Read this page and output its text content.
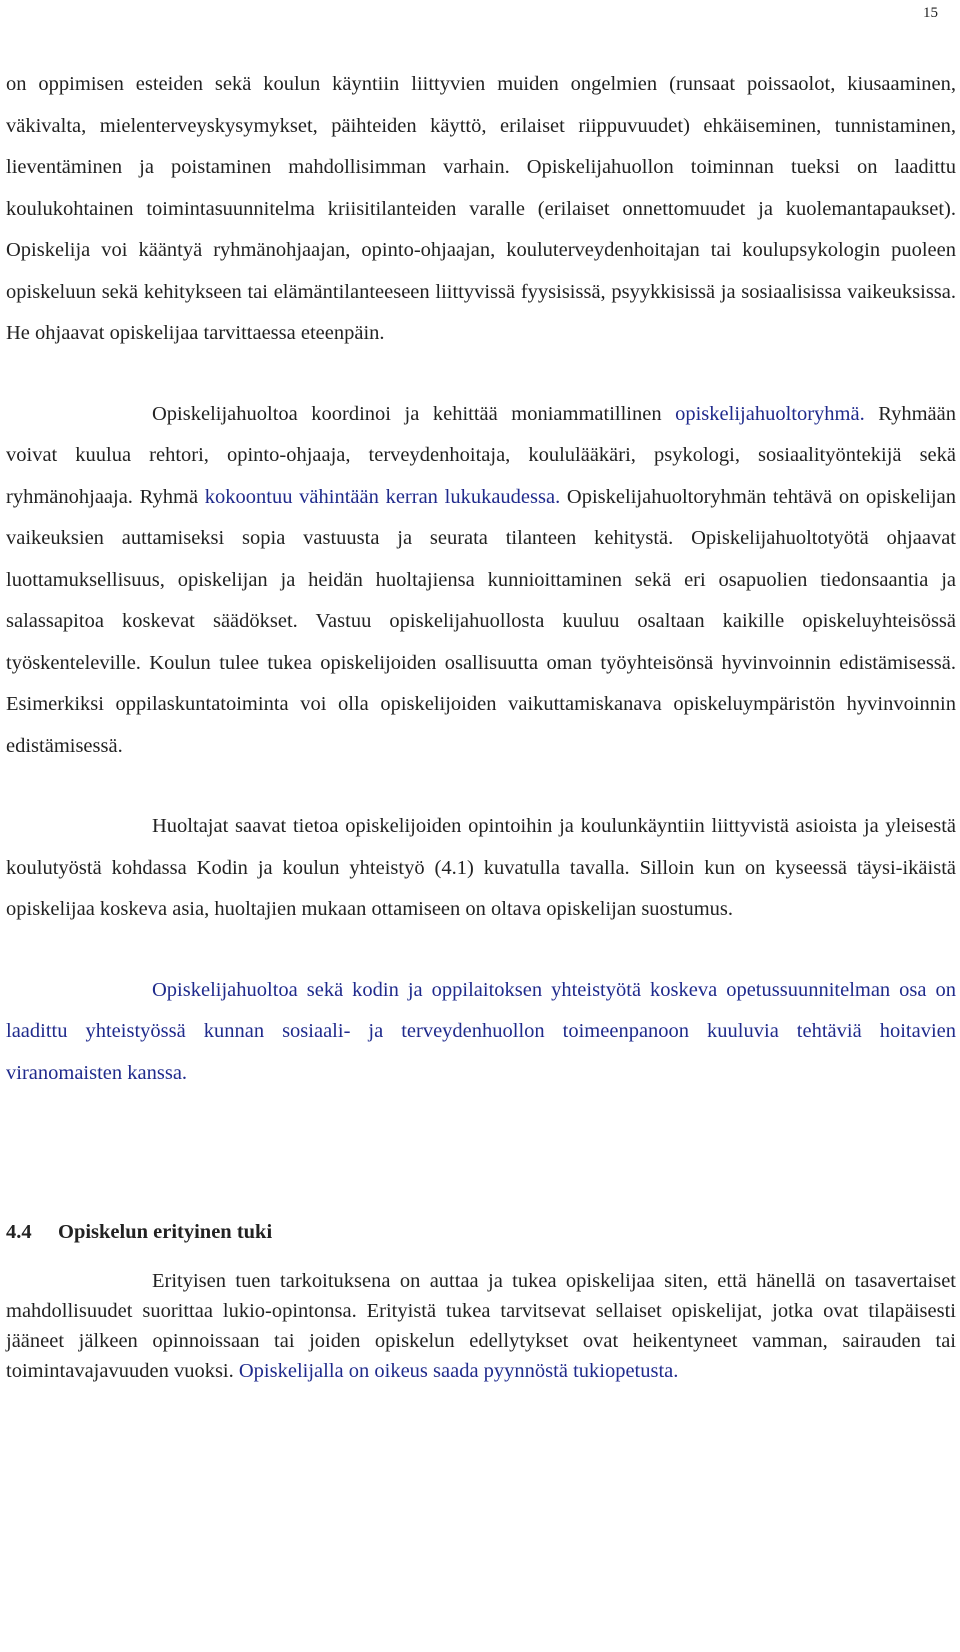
15

on oppimisen esteiden sekä koulun käyntiin liittyvien muiden ongelmien (runsaat poissaolot, kiusaaminen, väkivalta, mielenterveyskysymykset, päihteiden käyttö, erilaiset riippuvuudet) ehkäiseminen, tunnistaminen, lieventäminen ja poistaminen mahdollisimman varhain. Opiskelijahuollon toiminnan tueksi on laadittu koulukohtainen toimintasuunnitelma kriisitilanteiden varalle (erilaiset onnettomuudet ja kuolemantapaukset). Opiskelija voi kääntyä ryhmänohjaajan, opinto-ohjaajan, kouluterveydenhoitajan tai koulupsykologin puoleen opiskeluun sekä kehitykseen tai elämäntilanteeseen liittyvissä fyysisissä, psyykkisissä ja sosiaalisissa vaikeuksissa. He ohjaavat opiskelijaa tarvittaessa eteenpäin.

Opiskelijahuoltoa koordinoi ja kehittää moniammatillinen opiskelijahuoltoryhmä. Ryhmään voivat kuulua rehtori, opinto-ohjaaja, terveydenhoitaja, koululääkäri, psykologi, sosiaalityöntekijä sekä ryhmänohjaaja. Ryhmä kokoontuu vähintään kerran lukukaudessa. Opiskelijahuoltoryhmän tehtävä on opiskelijan vaikeuksien auttamiseksi sopia vastuusta ja seurata tilanteen kehitystä. Opiskelijahuoltotyötä ohjaavat luottamuksellisuus, opiskelijan ja heidän huoltajiensa kunnioittaminen sekä eri osapuolien tiedonsaantia ja salassapitoa koskevat säädökset. Vastuu opiskelijahuollosta kuuluu osaltaan kaikille opiskeluyhteisössä työskenteleville. Koulun tulee tukea opiskelijoiden osallisuutta oman työyhteisönsä hyvinvoinnin edistämisessä. Esimerkiksi oppilaskuntatoiminta voi olla opiskelijoiden vaikuttamiskanava opiskeluympäristön hyvinvoinnin edistämisessä.

Huoltajat saavat tietoa opiskelijoiden opintoihin ja koulunkäyntiin liittyvistä asioista ja yleisestä koulutyöstä kohdassa Kodin ja koulun yhteistyö (4.1) kuvatulla tavalla. Silloin kun on kyseessä täysi-ikäistä opiskelijaa koskeva asia, huoltajien mukaan ottamiseen on oltava opiskelijan suostumus.

Opiskelijahuoltoa sekä kodin ja oppilaitoksen yhteistyötä koskeva opetussuunnitelman osa on laadittu yhteistyössä kunnan sosiaali- ja terveydenhuollon toimeenpanoon kuuluvia tehtäviä hoitavien viranomaisten kanssa.

4.4 Opiskelun erityinen tuki

Erityisen tuen tarkoituksena on auttaa ja tukea opiskelijaa siten, että hänellä on tasavertaiset mahdollisuudet suorittaa lukio-opintonsa. Erityistä tukea tarvitsevat sellaiset opiskelijat, jotka ovat tilapäisesti jääneet jälkeen opinnoissaan tai joiden opiskelun edellytykset ovat heikentyneet vamman, sairauden tai toimintavajavuuden vuoksi. Opiskelijalla on oikeus saada pyynnöstä tukiopetusta.
